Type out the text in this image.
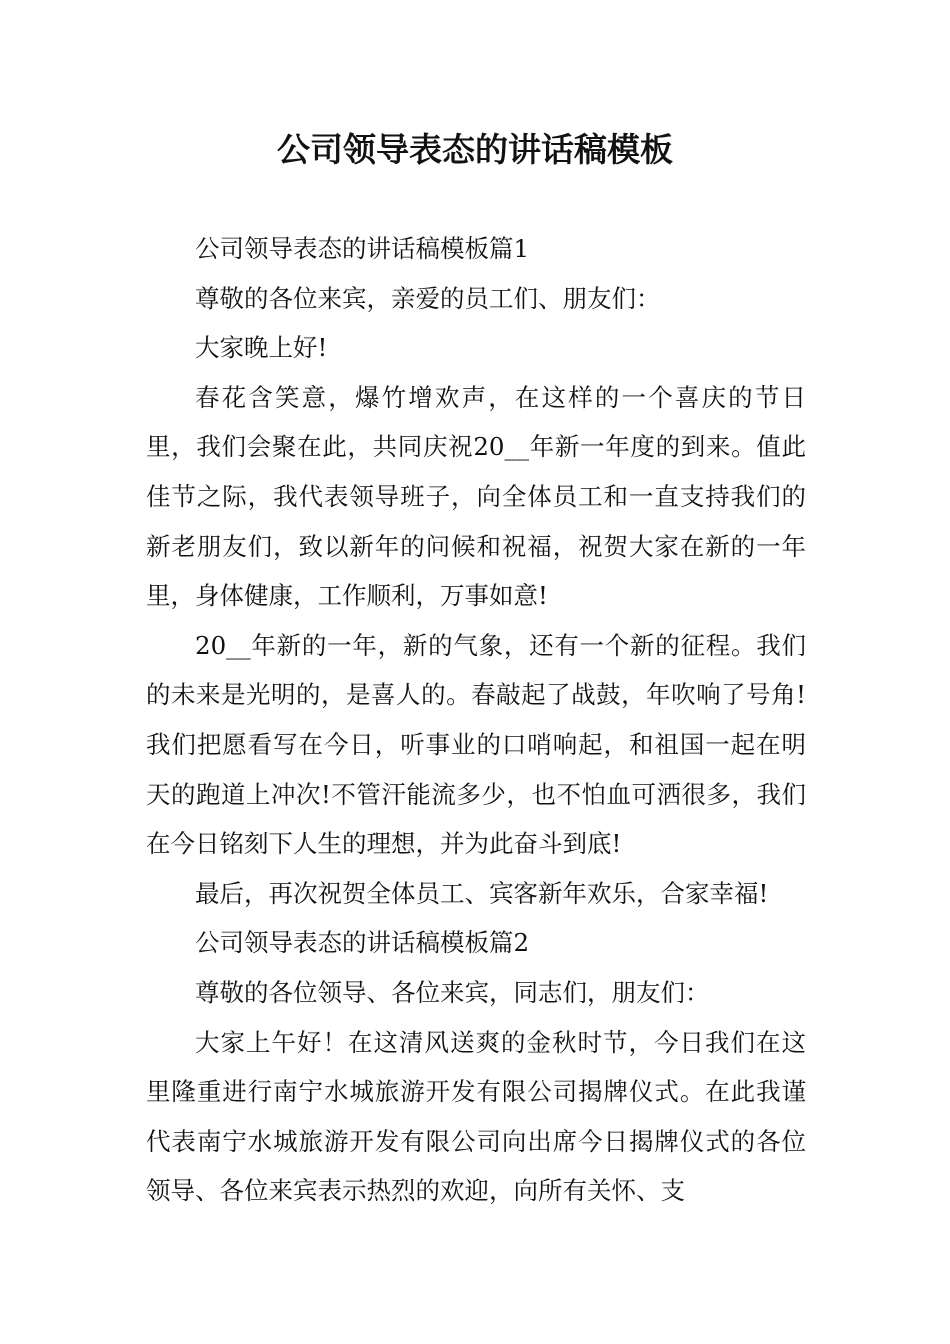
公司领导表态的讲话稿模板

公司领导表态的讲话稿模板篇1

尊敬的各位来宾，亲爱的员工们、朋友们：

大家晚上好!

春花含笑意，爆竹增欢声，在这样的一个喜庆的节日里，我们会聚在此，共同庆祝20__年新一年度的到来。值此佳节之际，我代表领导班子，向全体员工和一直支持我们的新老朋友们，致以新年的问候和祝福，祝贺大家在新的一年里，身体健康，工作顺利，万事如意!

20__年新的一年，新的气象，还有一个新的征程。我们的未来是光明的，是喜人的。春敲起了战鼓，年吹响了号角!我们把愿看写在今日，听事业的口哨响起，和祖国一起在明天的跑道上冲次!不管汗能流多少，也不怕血可洒很多，我们在今日铭刻下人生的理想，并为此奋斗到底!

最后，再次祝贺全体员工、宾客新年欢乐，合家幸福!

公司领导表态的讲话稿模板篇2

尊敬的各位领导、各位来宾，同志们，朋友们：

大家上午好！在这清风送爽的金秋时节，今日我们在这里隆重进行南宁水城旅游开发有限公司揭牌仪式。在此我谨代表南宁水城旅游开发有限公司向出席今日揭牌仪式的各位领导、各位来宾表示热烈的欢迎，向所有关怀、支
